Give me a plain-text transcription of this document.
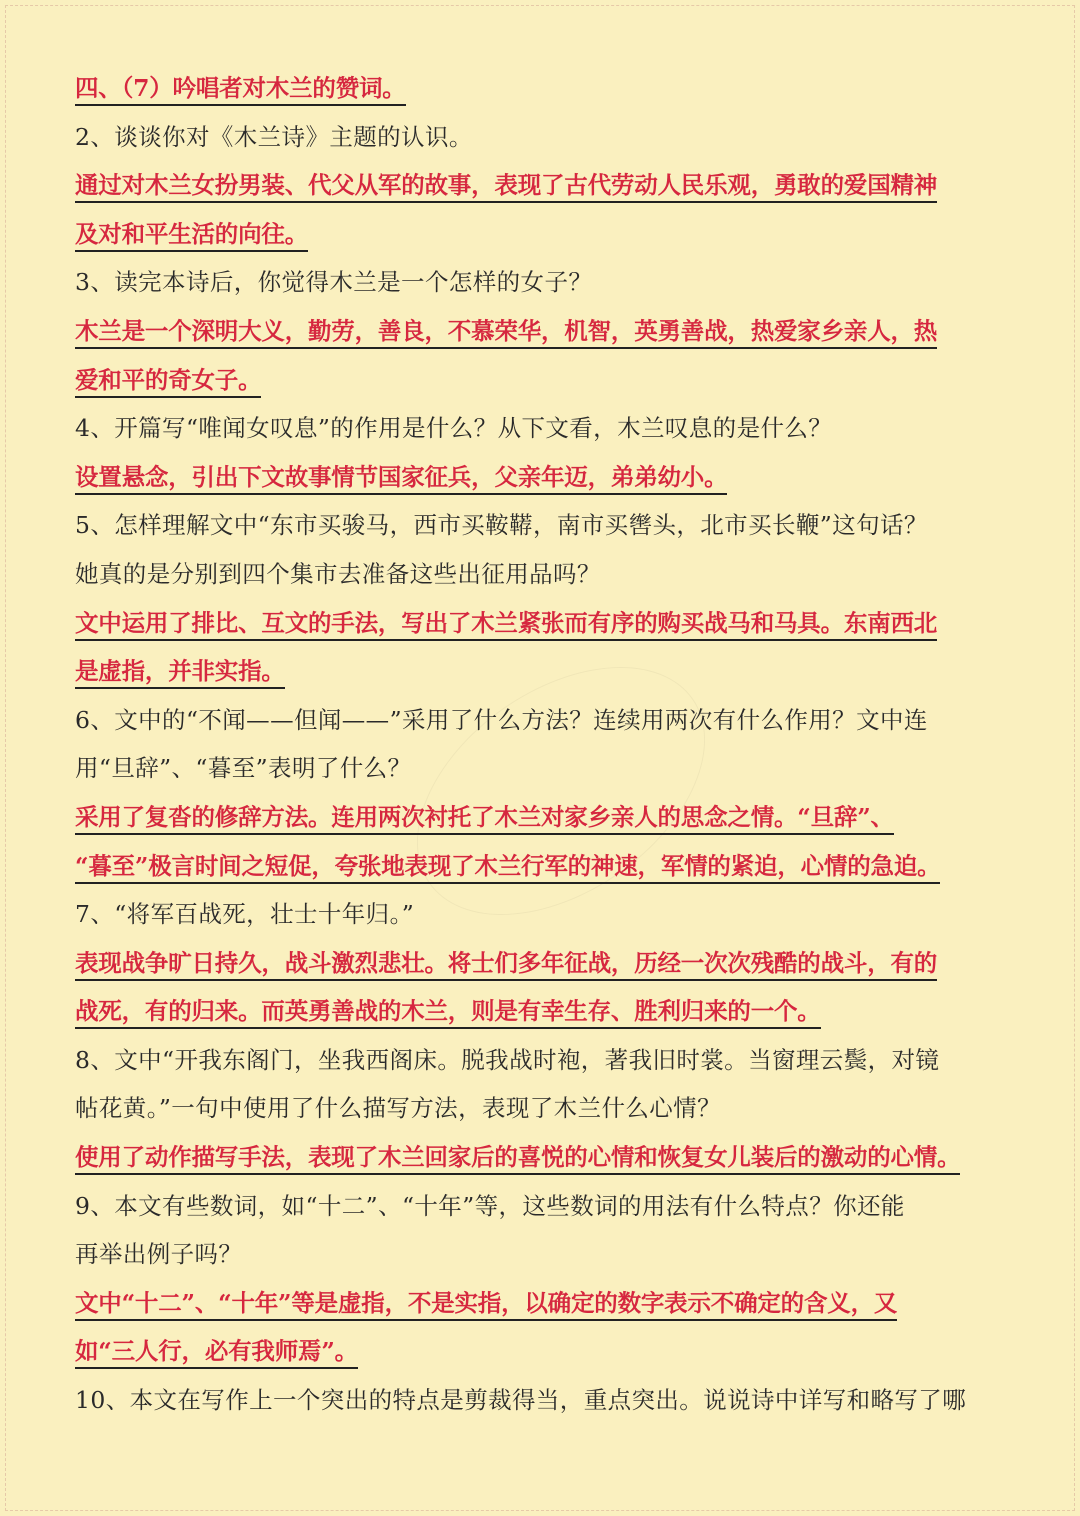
四、（7）吟唱者对木兰的赞词。
2、谈谈你对《木兰诗》主题的认识。
通过对木兰女扮男装、代父从军的故事，表现了古代劳动人民乐观，勇敢的爱国精神
及对和平生活的向往。
3、读完本诗后，你觉得木兰是一个怎样的女子？
木兰是一个深明大义，勤劳，善良，不慕荣华，机智，英勇善战，热爱家乡亲人，热
爱和平的奇女子。
4、开篇写“唯闻女叹息”的作用是什么？从下文看，木兰叹息的是什么？
设置悬念，引出下文故事情节国家征兵，父亲年迈，弟弟幼小。
5、怎样理解文中“东市买骏马，西市买鞍鞯，南市买辔头，北市买长鞭”这句话？
她真的是分别到四个集市去准备这些出征用品吗？
文中运用了排比、互文的手法，写出了木兰紧张而有序的购买战马和马具。东南西北
是虚指，并非实指。
6、文中的“不闻——但闻——”采用了什么方法？连续用两次有什么作用？文中连
用“旦辞”、“暮至”表明了什么？
采用了复沓的修辞方法。连用两次衬托了木兰对家乡亲人的思念之情。“旦辞”、
“暮至”极言时间之短促，夸张地表现了木兰行军的神速，军情的紧迫，心情的急迫。
7、“将军百战死，壮士十年归。”
表现战争旷日持久，战斗激烈悲壮。将士们多年征战，历经一次次残酷的战斗，有的
战死，有的归来。而英勇善战的木兰，则是有幸生存、胜利归来的一个。
8、文中“开我东阁门，坐我西阁床。脱我战时袍，著我旧时裳。当窗理云鬓，对镜
帖花黄。”一句中使用了什么描写方法，表现了木兰什么心情？
使用了动作描写手法，表现了木兰回家后的喜悦的心情和恢复女儿装后的激动的心情。
9、本文有些数词，如“十二”、“十年”等，这些数词的用法有什么特点？你还能
再举出例子吗？
文中“十二”、“十年”等是虚指，不是实指，以确定的数字表示不确定的含义，又
如“三人行，必有我师焉”。
10、本文在写作上一个突出的特点是剪裁得当，重点突出。说说诗中详写和略写了哪
